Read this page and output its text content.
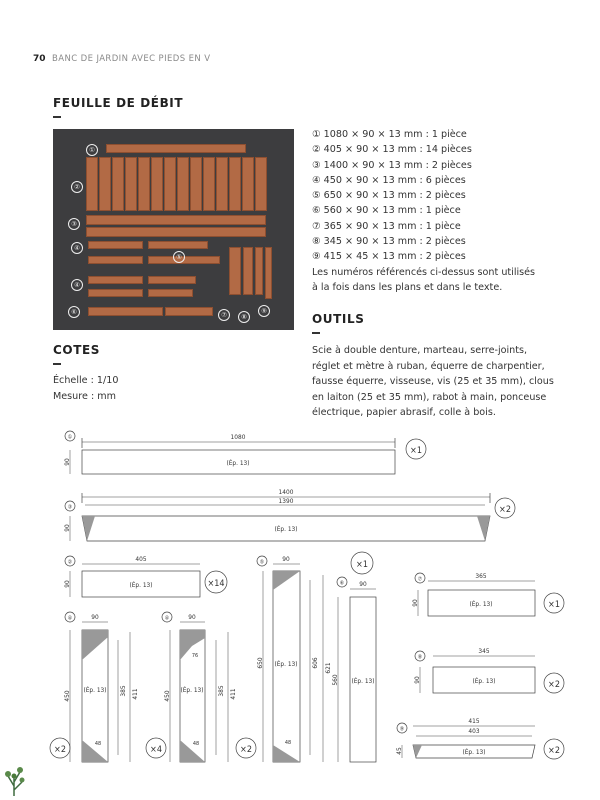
70 BANC DE JARDIN AVEC PIEDS EN V
FEUILLE DE DÉBIT
①
②
③
④
④
⑤
⑥	⑦	⑧
⑨
① 1080 × 90 × 13 mm : 1 pièce
② 405 × 90 × 13 mm : 14 pièces
③ 1400 × 90 × 13 mm : 2 pièces
④ 450 × 90 × 13 mm : 6 pièces
⑤ 650 × 90 × 13 mm : 2 pièces
⑥ 560 × 90 × 13 mm : 1 pièce
⑦ 365 × 90 × 13 mm : 1 pièce
⑧ 345 × 90 × 13 mm : 2 pièces
⑨ 415 × 45 × 13 mm : 2 pièces
Les numéros référencés ci-dessus sont utilisés
à la fois dans les plans et dans le texte.
OUTILS
Scie à double denture, marteau, serre-joints,
réglet et mètre à ruban, équerre de charpentier,
fausse équerre, visseuse, vis (25 et 35 mm), clous
en laiton (25 et 35 mm), rabot à main, ponceuse
électrique, papier abrasif, colle à bois.
COTES
Échelle : 1/10
Mesure : mm
1080
(Ép. 13)
90
×1
①
1400
1390
(Ép. 13)
90
×2
③
405
(Ép. 13)
90	×14
②
90
(Ép. 13)
450	385 411
48
×2
④	90
76
(Ép. 13)
450	385 411
48
×4
④
90
(Ép. 13)
650	606 621
48
×2
⑤	×1
90
(Ép. 13)
560
⑥
365
(Ép. 13)
90	×1
⑦
345
(Ép. 13)
90	×2
⑧
415
403
(Ép. 13)
45	×2
⑨
